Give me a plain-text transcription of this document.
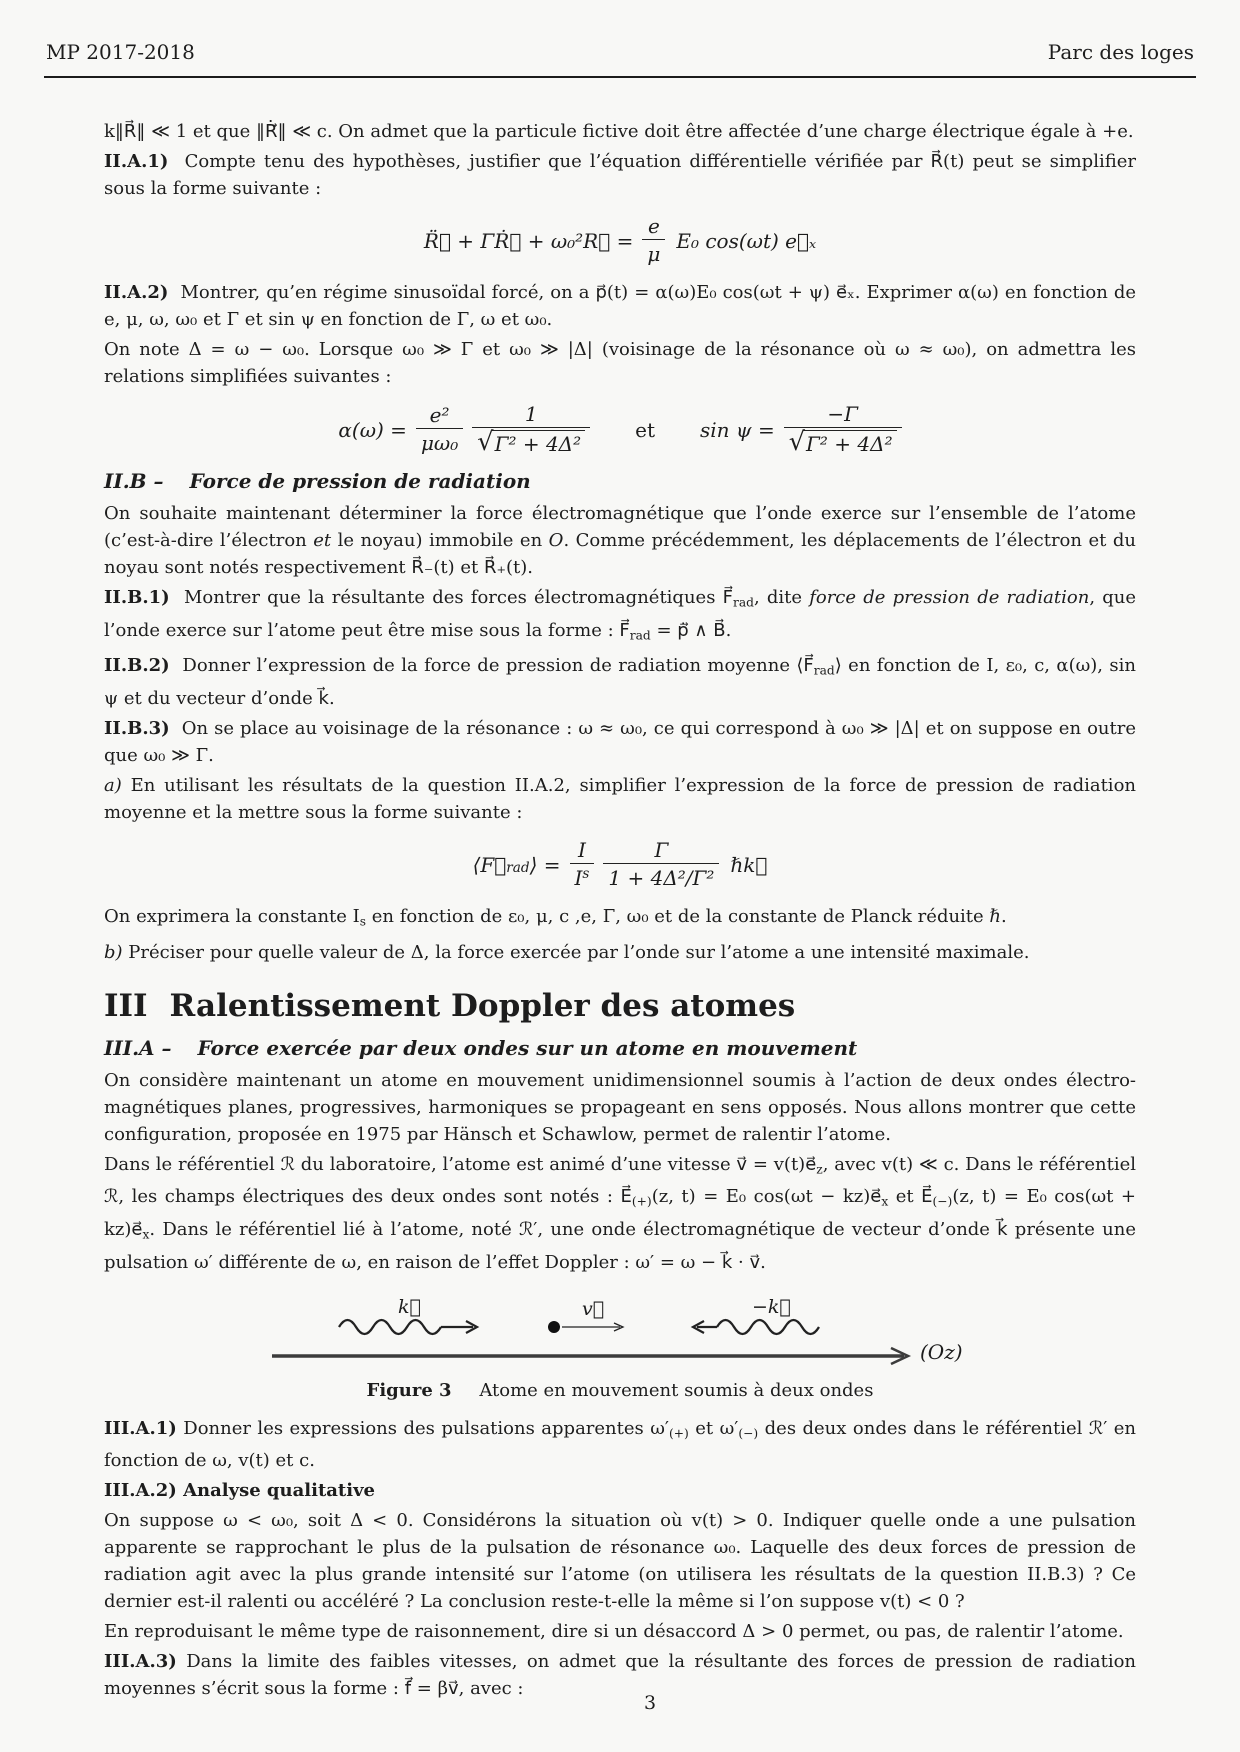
MP 2017-2018	Parc des loges

k‖R⃗‖ ≪ 1 et que ‖Ṙ⃗‖ ≪ c. On admet que la particule fictive doit être affectée d’une charge électrique égale à +e.

II.A.1)  Compte tenu des hypothèses, justifier que l’équation différentielle vérifiée par R⃗(t) peut se simplifier sous la forme suivante :

R̈⃗ + ΓṘ⃗ + ω₀²R⃗ = $\frac{e}{\mu} E_0$ cos(ωt) e⃗ₓ

II.A.2)  Montrer, qu’en régime sinusoïdal forcé, on a p⃗(t) = α(ω)E₀ cos(ωt + ψ) e⃗ₓ. Exprimer α(ω) en fonction de e, μ, ω, ω₀ et Γ et sin ψ en fonction de Γ, ω et ω₀.

On note Δ = ω − ω₀. Lorsque ω₀ ≫ Γ et ω₀ ≫ |Δ| (voisinage de la résonance où ω ≈ ω₀), on admettra les relations simplifiées suivantes :

$\alpha(\omega) = \frac{\text{e²}}{\text{μω₀}} \frac{1}{\text{√ Γ² + 4Δ²}}$ et $\sin \psi = \frac{-\Gamma}{\text{√ Γ² + 4Δ²}}$
II.B – Force de pression de radiation

On souhaite maintenant déterminer la force électromagnétique que l’onde exerce sur l’ensemble de l’atome (c’est-à-dire l’électron et le noyau) immobile en O. Comme précédemment, les déplacements de l’électron et du noyau sont notés respectivement R⃗₋(t) et R⃗₊(t).

II.B.1)  Montrer que la résultante des forces électromagnétiques $F⃗_{rad}$, dite force de pression de radiation, que l’onde exerce sur l’atome peut être mise sous la forme : $F⃗_{rad}$ = ṗ⃗ ∧ B⃗.

II.B.2)  Donner l’expression de la force de pression de radiation moyenne $⟨F⃗_{rad}⟩$ en fonction de I, ε₀, c, α(ω), sin ψ et du vecteur d’onde k⃗.

II.B.3)  On se place au voisinage de la résonance : ω ≈ ω₀, ce qui correspond à ω₀ ≫ |Δ| et on suppose en outre que ω₀ ≫ Γ.

a) En utilisant les résultats de la question II.A.2, simplifier l’expression de la force de pression de radiation moyenne et la mettre sous la forme suivante :

⟨F⃗ rad ⟩ = $\frac{I}{\text{I s}} \frac{\Gamma}{\text{1 + 4Δ²/Γ²}}$ ℏk⃗

On exprimera la constante $I_s$ en fonction de ε₀, μ, c ,e, Γ, ω₀ et de la constante de Planck réduite ℏ.

b) Préciser pour quelle valeur de Δ, la force exercée par l’onde sur l’atome a une intensité maximale.

III Ralentissement Doppler des atomes
III.A – Force exercée par deux ondes sur un atome en mouvement

On considère maintenant un atome en mouvement unidimensionnel soumis à l’action de deux ondes électro-magnétiques planes, progressives, harmoniques se propageant en sens opposés. Nous allons montrer que cette configuration, proposée en 1975 par Hänsch et Schawlow, permet de ralentir l’atome.

Dans le référentiel ℛ du laboratoire, l’atome est animé d’une vitesse v⃗ = $v(t)e⃗_z$, avec v(t) ≪ c. Dans le référentiel ℛ, les champs électriques des deux ondes sont notés : $E⃗_{(+)}(z$, t) = E₀ $\cos(\omega t - kz)e⃗_x$ et $E⃗_{(-)}(z$, t) = E₀ $\cos(\omega t + kz)e⃗_x$. Dans le référentiel lié à l’atome, noté ℛ′, une onde électromagnétique de vecteur d’onde k⃗ présente une pulsation ω′ différente de ω, en raison de l’effet Doppler : ω′ = ω − k⃗ · v⃗.

k⃗	v⃗	−k⃗
(Oz)
Figure 3 Atome en mouvement soumis à deux ondes

III.A.1) Donner les expressions des pulsations apparentes $\omega'_{(+)}$ et $\omega'_{(-)}$ des deux ondes dans le référentiel ℛ′ en fonction de ω, v(t) et c.

III.A.2) Analyse qualitative

On suppose ω < ω₀, soit Δ < 0. Considérons la situation où v(t) > 0. Indiquer quelle onde a une pulsation apparente se rapprochant le plus de la pulsation de résonance ω₀. Laquelle des deux forces de pression de radiation agit avec la plus grande intensité sur l’atome (on utilisera les résultats de la question II.B.3) ? Ce dernier est-il ralenti ou accéléré ? La conclusion reste-t-elle la même si l’on suppose v(t) < 0 ?

En reproduisant le même type de raisonnement, dire si un désaccord Δ > 0 permet, ou pas, de ralentir l’atome.

III.A.3) Dans la limite des faibles vitesses, on admet que la résultante des forces de pression de radiation moyennes s’écrit sous la forme : f⃗ = βv⃗, avec :

3
